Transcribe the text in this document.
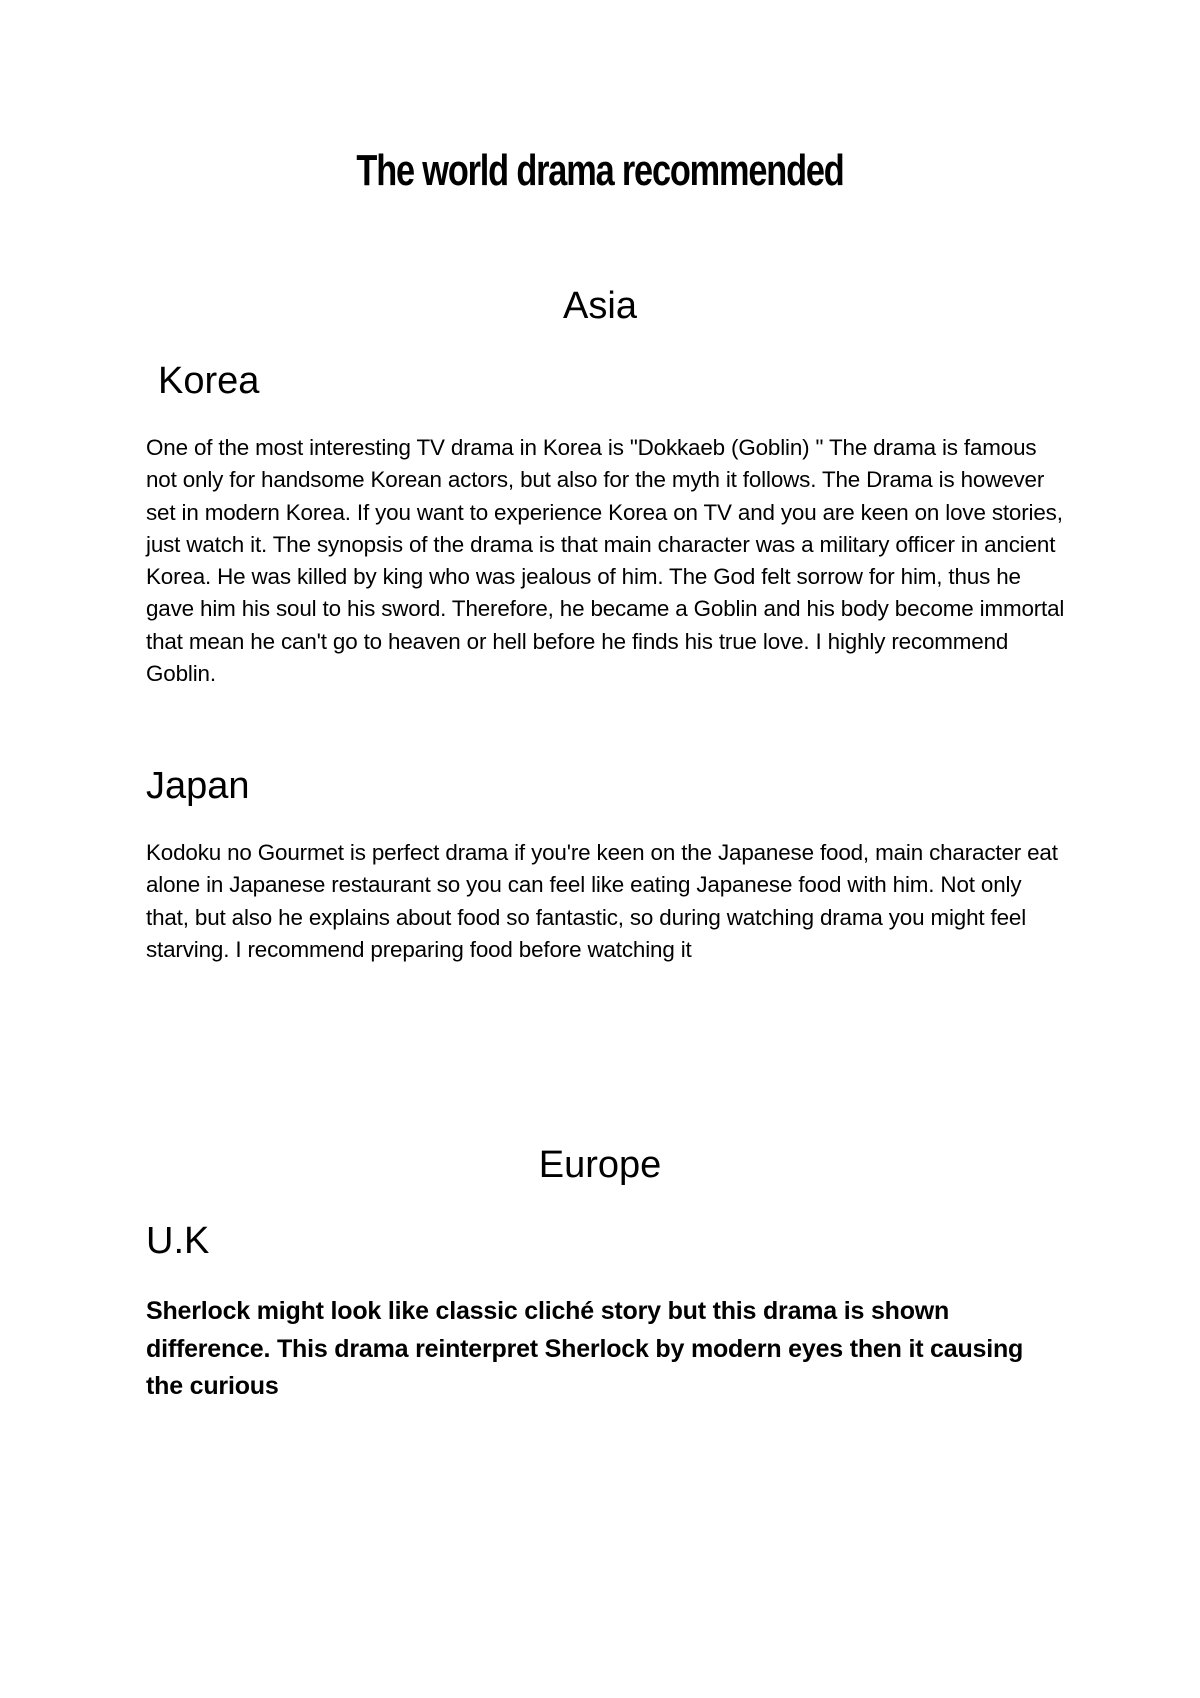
The world drama recommended
Asia
Korea

One of the most interesting TV drama in Korea is "Dokkaeb (Goblin) " The drama is famous not only for handsome Korean actors, but also for the myth it follows. The Drama is however set in modern Korea. If you want to experience Korea on TV and you are keen on love stories, just watch it. The synopsis of the drama is that main character was a military officer in ancient Korea. He was killed by king who was jealous of him. The God felt sorrow for him, thus he gave him his soul to his sword. Therefore, he became a Goblin and his body become immortal that mean he can't go to heaven or hell before he finds his true love. I highly recommend Goblin.

Japan

Kodoku no Gourmet is perfect drama if you're keen on the Japanese food, main character eat alone in Japanese restaurant so you can feel like eating Japanese food with him. Not only that, but also he explains about food so fantastic, so during watching drama you might feel starving. I recommend preparing food before watching it

Europe
U.K

Sherlock might look like classic cliché story but this drama is shown difference. This drama reinterpret Sherlock by modern eyes then it causing the curious
